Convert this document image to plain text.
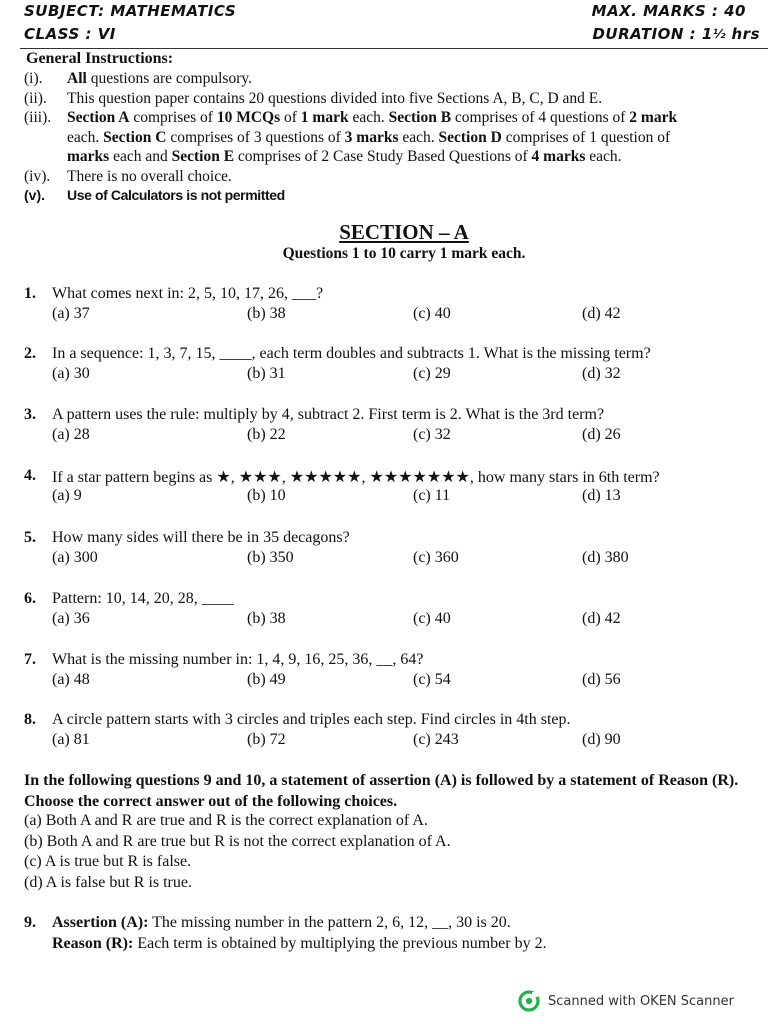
SUBJECT: MATHEMATICS	MAX. MARKS : 40
CLASS : VI	DURATION : 1½ hrs
General Instructions:
(i). All questions are compulsory.
(ii). This question paper contains 20 questions divided into five Sections A, B, C, D and E.
(iii). Section A comprises of 10 MCQs of 1 mark each. Section B comprises of 4 questions of 2 mark
each. Section C comprises of 3 questions of 3 marks each. Section D comprises of 1 question of
marks each and Section E comprises of 2 Case Study Based Questions of 4 marks each.
(iv). There is no overall choice.
(v). Use of Calculators is not permitted
SECTION – A
Questions 1 to 10 carry 1 mark each.
1. What comes next in: 2, 5, 10, 17, 26, ___?
(a) 37	(b) 38	(c) 40	(d) 42
2. In a sequence: 1, 3, 7, 15, ____, each term doubles and subtracts 1. What is the missing term?
(a) 30	(b) 31	(c) 29	(d) 32
3. A pattern uses the rule: multiply by 4, subtract 2. First term is 2. What is the 3rd term?
(a) 28	(b) 22	(c) 32	(d) 26
4. If a star pattern begins as ★, ★★★, ★★★★★, ★★★★★★★, how many stars in 6th term?
(a) 9	(b) 10	(c) 11	(d) 13
5. How many sides will there be in 35 decagons?
(a) 300	(b) 350	(c) 360	(d) 380
6. Pattern: 10, 14, 20, 28, ____
(a) 36	(b) 38	(c) 40	(d) 42
7. What is the missing number in: 1, 4, 9, 16, 25, 36, __, 64?
(a) 48	(b) 49	(c) 54	(d) 56
8. A circle pattern starts with 3 circles and triples each step. Find circles in 4th step.
(a) 81	(b) 72	(c) 243	(d) 90
In the following questions 9 and 10, a statement of assertion (A) is followed by a statement of Reason (R). Choose the correct answer out of the following choices.
(a) Both A and R are true and R is the correct explanation of A.
(b) Both A and R are true but R is not the correct explanation of A.
(c) A is true but R is false.
(d) A is false but R is true.
9. Assertion (A): The missing number in the pattern 2, 6, 12, __, 30 is 20.
Reason (R): Each term is obtained by multiplying the previous number by 2.
Scanned with OKEN Scanner
